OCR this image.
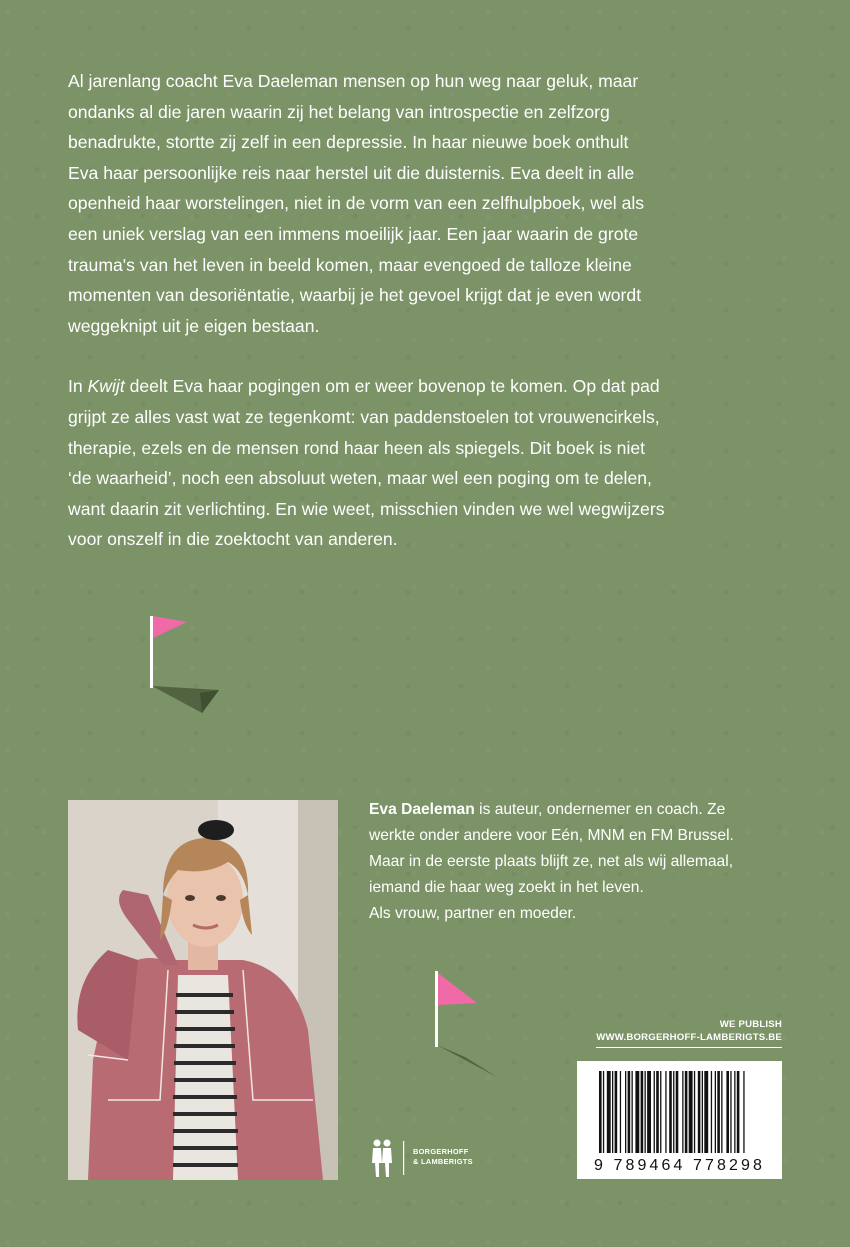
Al jarenlang coacht Eva Daeleman mensen op hun weg naar geluk, maar
ondanks al die jaren waarin zij het belang van introspectie en zelfzorg
benadrukte, stortte zij zelf in een depressie. In haar nieuwe boek onthult
Eva haar persoonlijke reis naar herstel uit die duisternis. Eva deelt in alle
openheid haar worstelingen, niet in de vorm van een zelfhulpboek, wel als
een uniek verslag van een immens moeilijk jaar. Een jaar waarin de grote
trauma's van het leven in beeld komen, maar evengoed de talloze kleine
momenten van desoriëntatie, waarbij je het gevoel krijgt dat je even wordt
weggeknipt uit je eigen bestaan.

In Kwijt deelt Eva haar pogingen om er weer bovenop te komen. Op dat pad
grijpt ze alles vast wat ze tegenkomt: van paddenstoelen tot vrouwencirkels,
therapie, ezels en de mensen rond haar heen als spiegels. Dit boek is niet
‘de waarheid’, noch een absoluut weten, maar wel een poging om te delen,
want daarin zit verlichting. En wie weet, misschien vinden we wel wegwijzers
voor onszelf in die zoektocht van anderen.

Eva Daeleman is auteur, ondernemer en coach. Ze
werkte onder andere voor Eén, MNM en FM Brussel.
Maar in de eerste plaats blijft ze, net als wij allemaal,
iemand die haar weg zoekt in het leven.
Als vrouw, partner en moeder.
BORGERHOFF
& LAMBERIGTS
WE PUBLISH
WWW.BORGERHOFF-LAMBERIGTS.BE
9 789464 778298
